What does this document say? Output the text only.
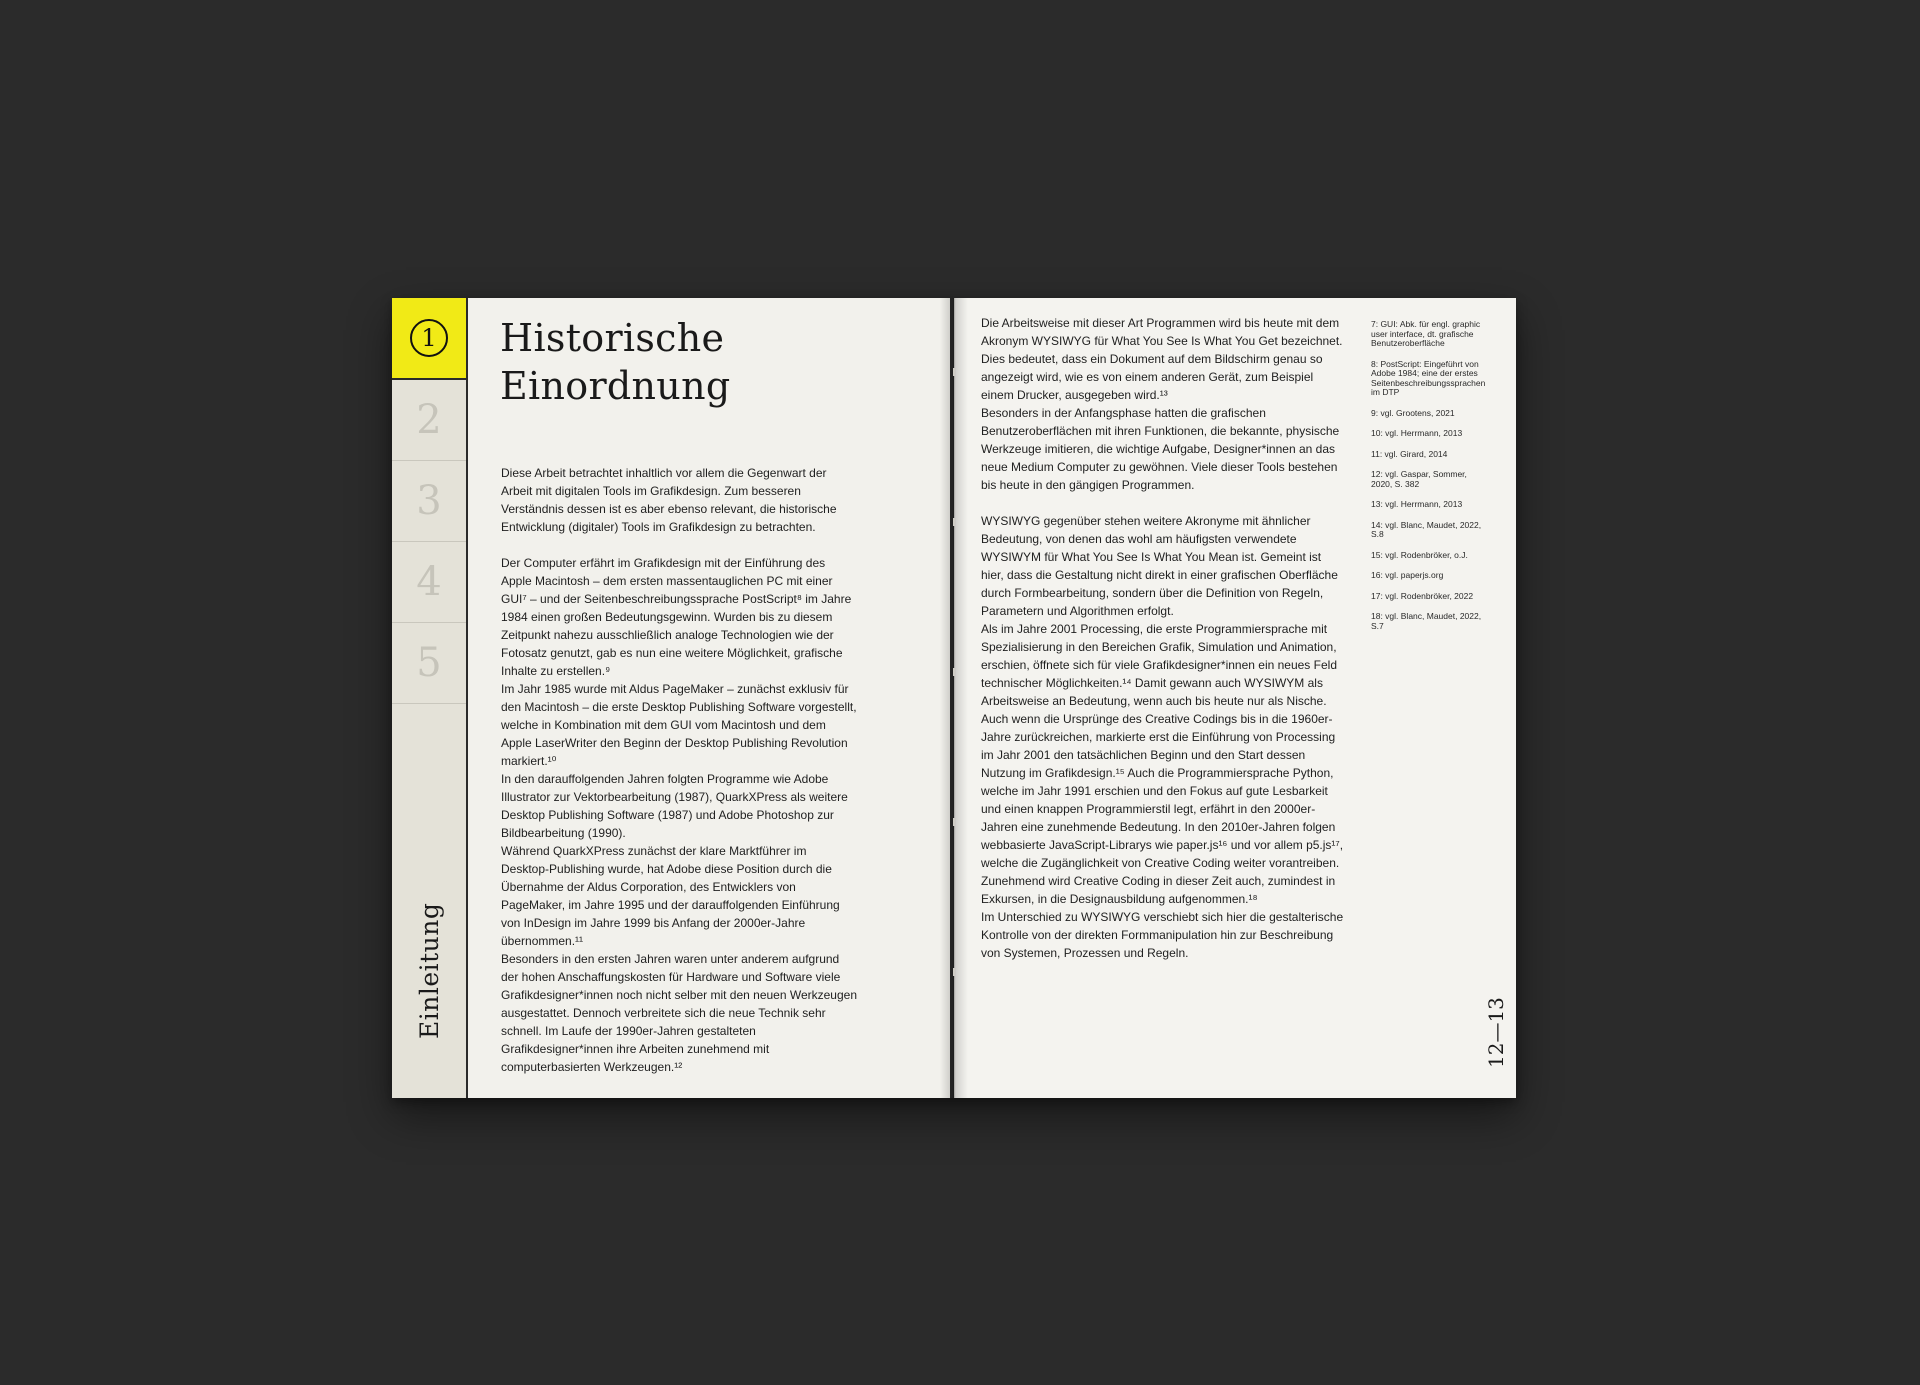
1
2
3
4
5
Einleitung
Historische Einordnung

Diese Arbeit betrachtet inhaltlich vor allem die Gegenwart der Arbeit mit digitalen Tools im Grafikdesign. Zum besseren Verständnis dessen ist es aber ebenso relevant, die historische Entwicklung (digitaler) Tools im Grafikdesign zu betrachten.

Der Computer erfährt im Grafikdesign mit der Einführung des Apple Macintosh – dem ersten massentauglichen PC mit einer GUI⁷ – und der Seitenbeschreibungssprache PostScript⁸ im Jahre 1984 einen großen Bedeutungsgewinn. Wurden bis zu diesem Zeitpunkt nahezu ausschließlich analoge Technologien wie der Fotosatz genutzt, gab es nun eine weitere Möglichkeit, grafische Inhalte zu erstellen.⁹

Im Jahr 1985 wurde mit Aldus PageMaker – zunächst exklusiv für den Macintosh – die erste Desktop Publishing Software vorgestellt, welche in Kombination mit dem GUI vom Macintosh und dem Apple LaserWriter den Beginn der Desktop Publishing Revolution markiert.¹⁰

In den darauffolgenden Jahren folgten Programme wie Adobe Illustrator zur Vektorbearbeitung (1987), QuarkXPress als weitere Desktop Publishing Software (1987) und Adobe Photoshop zur Bildbearbeitung (1990).

Während QuarkXPress zunächst der klare Marktführer im Desktop-Publishing wurde, hat Adobe diese Position durch die Übernahme der Aldus Corporation, des Entwicklers von PageMaker, im Jahre 1995 und der darauffolgenden Einführung von InDesign im Jahre 1999 bis Anfang der 2000er-Jahre übernommen.¹¹

Besonders in den ersten Jahren waren unter anderem aufgrund der hohen Anschaffungskosten für Hardware und Software viele Grafikdesigner*innen noch nicht selber mit den neuen Werkzeugen ausgestattet. Dennoch verbreitete sich die neue Technik sehr schnell. Im Laufe der 1990er-Jahren gestalteten Grafikdesigner*innen ihre Arbeiten zunehmend mit computerbasierten Werkzeugen.¹²

Die Arbeitsweise mit dieser Art Programmen wird bis heute mit dem Akronym WYSIWYG für What You See Is What You Get bezeichnet. Dies bedeutet, dass ein Dokument auf dem Bildschirm genau so angezeigt wird, wie es von einem anderen Gerät, zum Beispiel einem Drucker, ausgegeben wird.¹³

Besonders in der Anfangsphase hatten die grafischen Benutzeroberflächen mit ihren Funktionen, die bekannte, physische Werkzeuge imitieren, die wichtige Aufgabe, Designer*innen an das neue Medium Computer zu gewöhnen. Viele dieser Tools bestehen bis heute in den gängigen Programmen.

WYSIWYG gegenüber stehen weitere Akronyme mit ähnlicher Bedeutung, von denen das wohl am häufigsten verwendete WYSIWYM für What You See Is What You Mean ist. Gemeint ist hier, dass die Gestaltung nicht direkt in einer grafischen Oberfläche durch Formbearbeitung, sondern über die Definition von Regeln, Parametern und Algorithmen erfolgt.

Als im Jahre 2001 Processing, die erste Programmiersprache mit Spezialisierung in den Bereichen Grafik, Simulation und Animation, erschien, öffnete sich für viele Grafikdesigner*innen ein neues Feld technischer Möglichkeiten.¹⁴ Damit gewann auch WYSIWYM als Arbeitsweise an Bedeutung, wenn auch bis heute nur als Nische.

Auch wenn die Ursprünge des Creative Codings bis in die 1960er-Jahre zurückreichen, markierte erst die Einführung von Processing im Jahr 2001 den tatsächlichen Beginn und den Start dessen Nutzung im Grafikdesign.¹⁵ Auch die Programmiersprache Python, welche im Jahr 1991 erschien und den Fokus auf gute Lesbarkeit und einen knappen Programmierstil legt, erfährt in den 2000er-Jahren eine zunehmende Bedeutung. In den 2010er-Jahren folgen webbasierte JavaScript-Librarys wie paper.js¹⁶ und vor allem p5.js¹⁷, welche die Zugänglichkeit von Creative Coding weiter vorantreiben. Zunehmend wird Creative Coding in dieser Zeit auch, zumindest in Exkursen, in die Designausbildung aufgenommen.¹⁸

Im Unterschied zu WYSIWYG verschiebt sich hier die gestalterische Kontrolle von der direkten Formmanipulation hin zur Beschreibung von Systemen, Prozessen und Regeln.

7: GUI: Abk. für engl. graphic user interface, dt. grafische Benutzeroberfläche
8: PostScript: Eingeführt von Adobe 1984; eine der erstes Seitenbeschreibungssprachen im DTP
9: vgl. Grootens, 2021
10: vgl. Herrmann, 2013
11: vgl. Girard, 2014
12: vgl. Gaspar, Sommer, 2020, S. 382
13: vgl. Herrmann, 2013
14: vgl. Blanc, Maudet, 2022, S.8
15: vgl. Rodenbröker, o.J.
16: vgl. paperjs.org
17: vgl. Rodenbröker, 2022
18: vgl. Blanc, Maudet, 2022, S.7
12—13
